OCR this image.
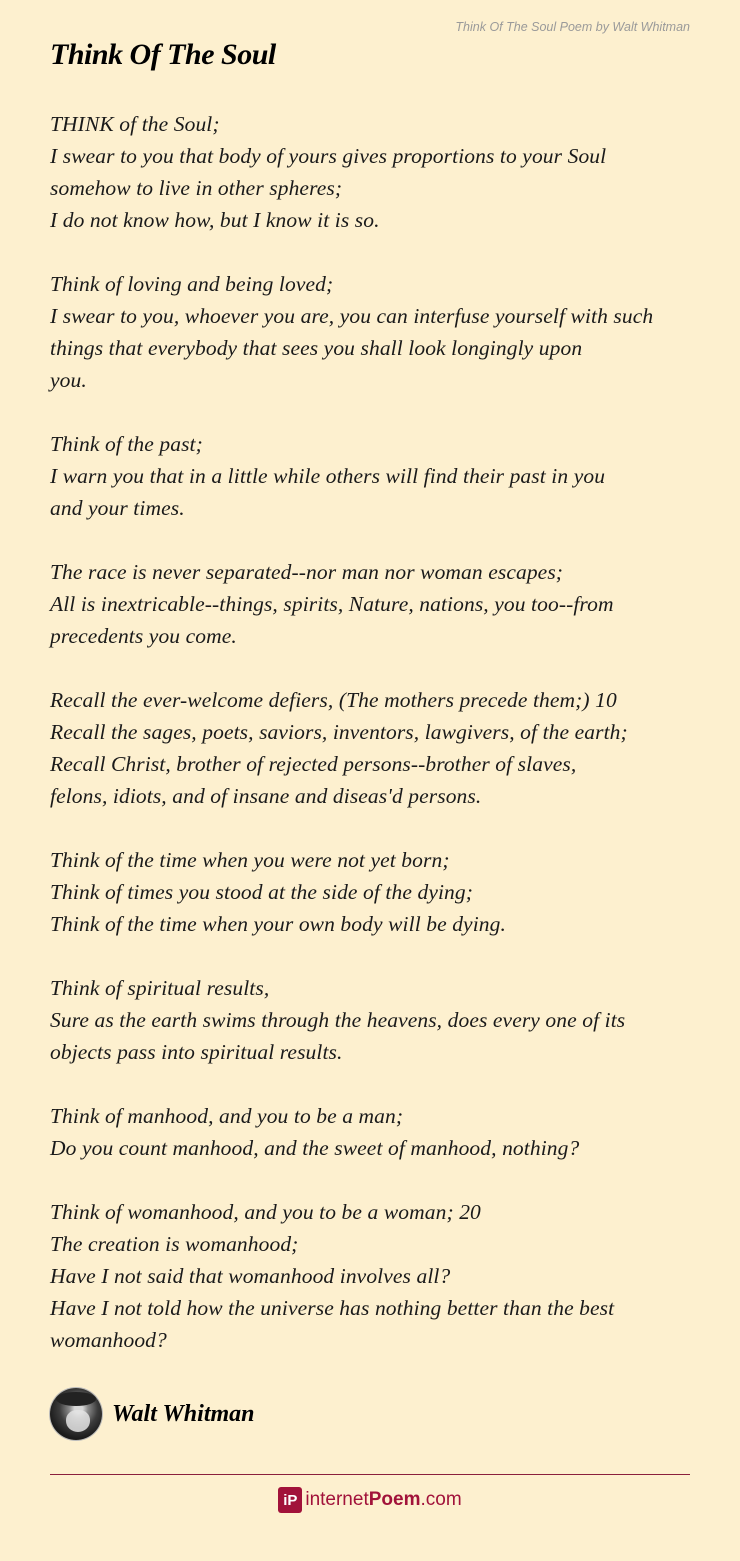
Think Of The Soul Poem by Walt Whitman
Think Of The Soul
THINK of the Soul;
I swear to you that body of yours gives proportions to your Soul
somehow to live in other spheres;
I do not know how, but I know it is so.
Think of loving and being loved;
I swear to you, whoever you are, you can interfuse yourself with such
things that everybody that sees you shall look longingly upon
you.
Think of the past;
I warn you that in a little while others will find their past in you
and your times.
The race is never separated--nor man nor woman escapes;
All is inextricable--things, spirits, Nature, nations, you too--from
precedents you come.
Recall the ever-welcome defiers, (The mothers precede them;) 10
Recall the sages, poets, saviors, inventors, lawgivers, of the earth;
Recall Christ, brother of rejected persons--brother of slaves,
felons, idiots, and of insane and diseas'd persons.
Think of the time when you were not yet born;
Think of times you stood at the side of the dying;
Think of the time when your own body will be dying.
Think of spiritual results,
Sure as the earth swims through the heavens, does every one of its
objects pass into spiritual results.
Think of manhood, and you to be a man;
Do you count manhood, and the sweet of manhood, nothing?
Think of womanhood, and you to be a woman; 20
The creation is womanhood;
Have I not said that womanhood involves all?
Have I not told how the universe has nothing better than the best
womanhood?
Walt Whitman
iP internet Poem .com
